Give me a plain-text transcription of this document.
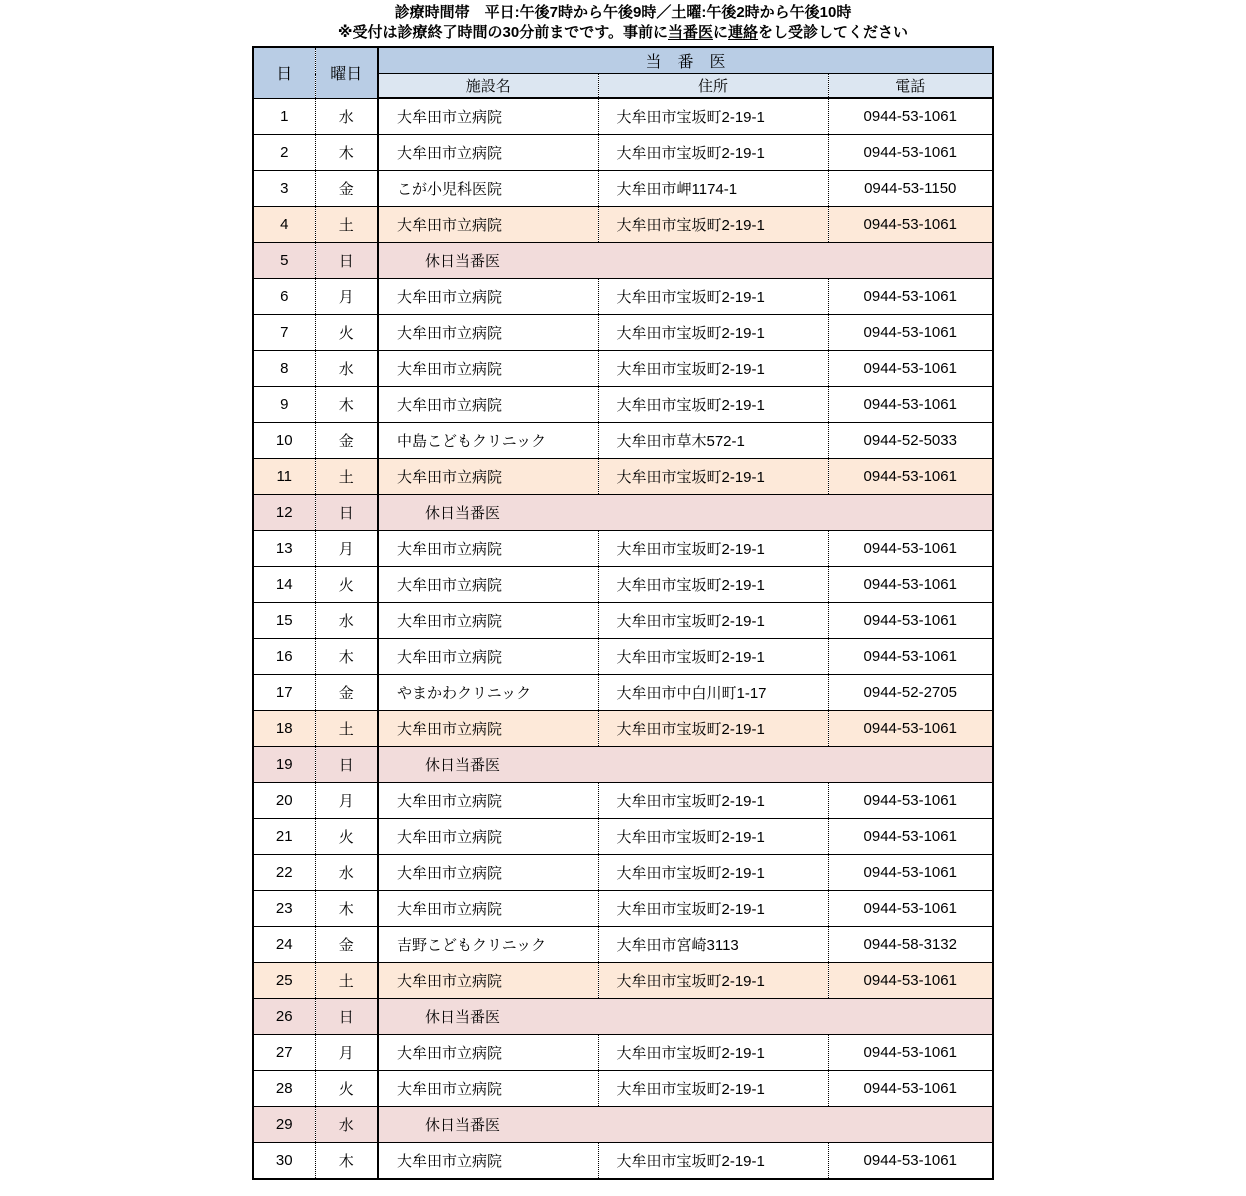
診療時間帯　平日:午後7時から午後9時／土曜:午後2時から午後10時
※受付は診療終了時間の30分前までです。事前に当番医に連絡をし受診してください
日	曜日	当　番　医		
		施設名	住所	電話
1	水	大牟田市立病院	大牟田市宝坂町2-19-1	0944-53-1061
2	木	大牟田市立病院	大牟田市宝坂町2-19-1	0944-53-1061
3	金	こが小児科医院	大牟田市岬1174-1	0944-53-1150
4	土	大牟田市立病院	大牟田市宝坂町2-19-1	0944-53-1061
5	日	休日当番医		
6	月	大牟田市立病院	大牟田市宝坂町2-19-1	0944-53-1061
7	火	大牟田市立病院	大牟田市宝坂町2-19-1	0944-53-1061
8	水	大牟田市立病院	大牟田市宝坂町2-19-1	0944-53-1061
9	木	大牟田市立病院	大牟田市宝坂町2-19-1	0944-53-1061
10	金	中島こどもクリニック	大牟田市草木572-1	0944-52-5033
11	土	大牟田市立病院	大牟田市宝坂町2-19-1	0944-53-1061
12	日	休日当番医		
13	月	大牟田市立病院	大牟田市宝坂町2-19-1	0944-53-1061
14	火	大牟田市立病院	大牟田市宝坂町2-19-1	0944-53-1061
15	水	大牟田市立病院	大牟田市宝坂町2-19-1	0944-53-1061
16	木	大牟田市立病院	大牟田市宝坂町2-19-1	0944-53-1061
17	金	やまかわクリニック	大牟田市中白川町1-17	0944-52-2705
18	土	大牟田市立病院	大牟田市宝坂町2-19-1	0944-53-1061
19	日	休日当番医		
20	月	大牟田市立病院	大牟田市宝坂町2-19-1	0944-53-1061
21	火	大牟田市立病院	大牟田市宝坂町2-19-1	0944-53-1061
22	水	大牟田市立病院	大牟田市宝坂町2-19-1	0944-53-1061
23	木	大牟田市立病院	大牟田市宝坂町2-19-1	0944-53-1061
24	金	吉野こどもクリニック	大牟田市宮崎3113	0944-58-3132
25	土	大牟田市立病院	大牟田市宝坂町2-19-1	0944-53-1061
26	日	休日当番医		
27	月	大牟田市立病院	大牟田市宝坂町2-19-1	0944-53-1061
28	火	大牟田市立病院	大牟田市宝坂町2-19-1	0944-53-1061
29	水	休日当番医		
30	木	大牟田市立病院	大牟田市宝坂町2-19-1	0944-53-1061
